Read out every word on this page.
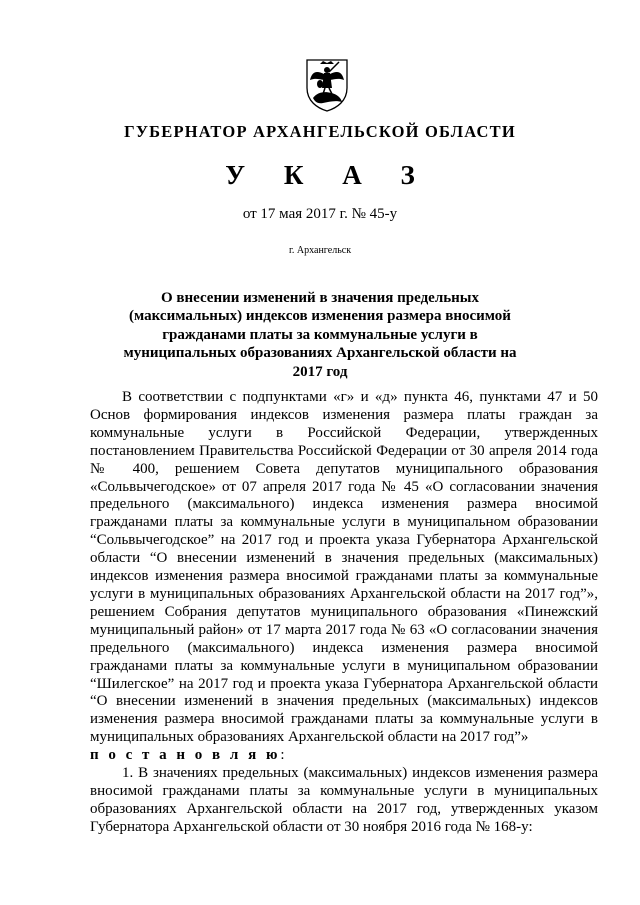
ГУБЕРНАТОР АРХАНГЕЛЬСКОЙ ОБЛАСТИ
У К А З
от 17 мая 2017 г. № 45-у
г. Архангельск
О внесении изменений в значения предельных (максимальных) индексов изменения размера вносимой гражданами платы за коммунальные услуги в муниципальных образованиях Архангельской области на 2017 год

В соответствии с подпунктами «г» и «д» пункта 46, пунктами 47 и 50 Основ формирования индексов изменения размера платы граждан за коммунальные услуги в Российской Федерации, утвержденных постановлением Правительства Российской Федерации от 30 апреля 2014 года № 400, решением Совета депутатов муниципального образования «Сольвычегодское» от 07 апреля 2017 года № 45 «О согласовании значения предельного (максимального) индекса изменения размера вносимой гражданами платы за коммунальные услуги в муниципальном образовании “Сольвычегодское” на 2017 год и проекта указа Губернатора Архангельской области “О внесении изменений в значения предельных (максимальных) индексов изменения размера вносимой гражданами платы за коммунальные услуги в муниципальных образованиях Архангельской области на 2017 год”», решением Собрания депутатов муниципального образования «Пинежский муниципальный район» от 17 марта 2017 года № 63 «О согласовании значения предельного (максимального) индекса изменения размера вносимой гражданами платы за коммунальные услуги в муниципальном образовании “Шилегское” на 2017 год и проекта указа Губернатора Архангельской области “О внесении изменений в значения предельных (максимальных) индексов изменения размера вносимой гражданами платы за коммунальные услуги в муниципальных образованиях Архангельской области на 2017 год”»

п о с т а н о в л я ю:

1. В значениях предельных (максимальных) индексов изменения размера вносимой гражданами платы за коммунальные услуги в муниципальных образованиях Архангельской области на 2017 год, утвержденных указом Губернатора Архангельской области от 30 ноября 2016 года № 168-у:
